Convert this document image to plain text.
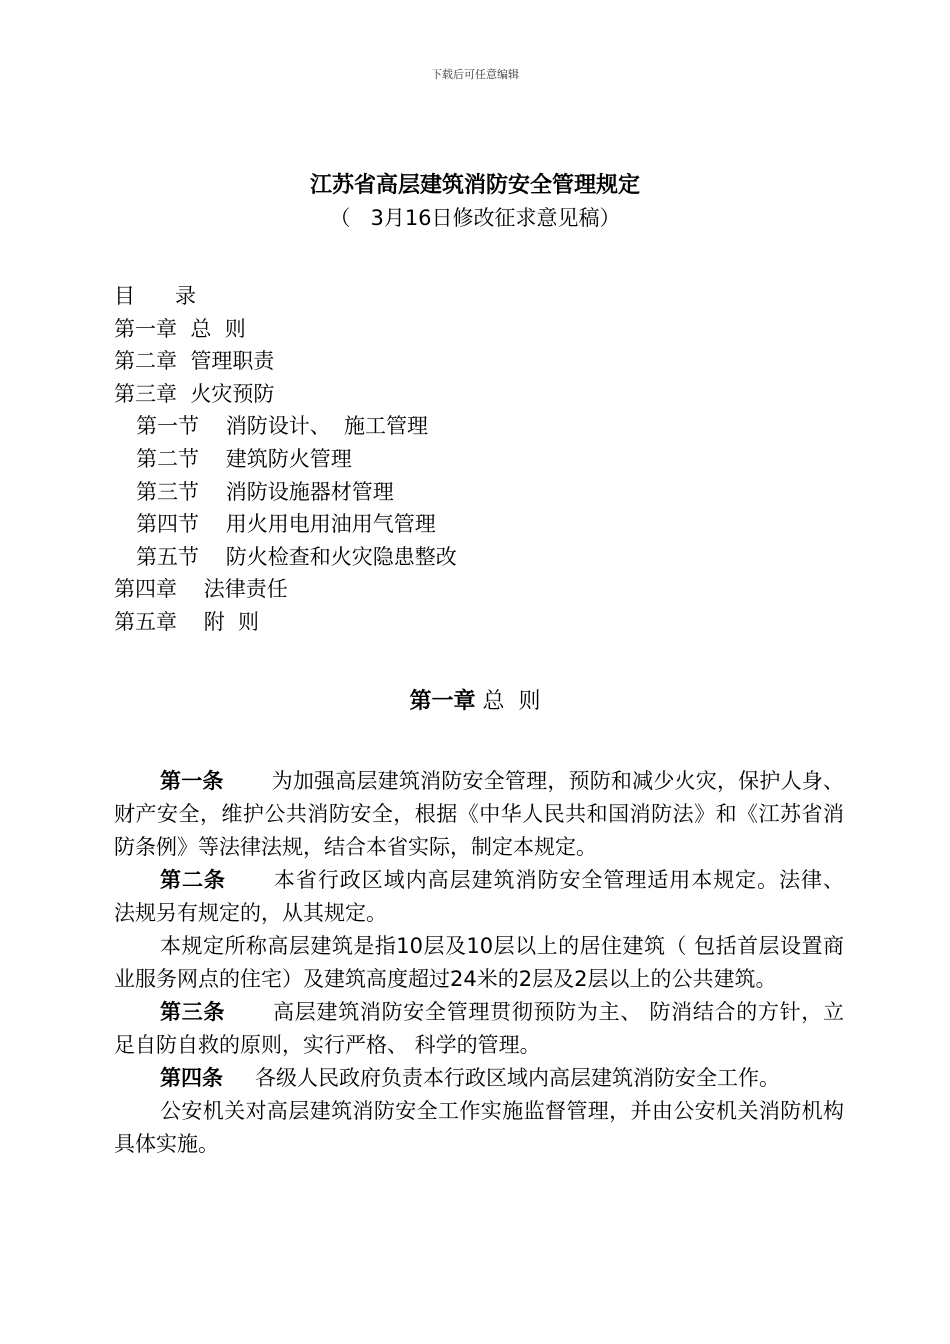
下载后可任意编辑
江苏省高层建筑消防安全管理规定
（   3月16日修改征求意见稿）
目      录
第一章  总  则
第二章  管理职责
第三章  火灾预防
第一节    消防设计、  施工管理
第二节    建筑防火管理
第三节    消防设施器材管理
第四节    用火用电用油用气管理
第五节    防火检查和火灾隐患整改
第四章    法律责任
第五章    附  则
第一章 总  则

第一条 为加强高层建筑消防安全管理，预防和减少火灾，保护人身、 财产安全，维护公共消防安全，根据《中华人民共和国消防法》和《江苏省消防条例》等法律法规，结合本省实际，制定本规定。

第二条 本省行政区域内高层建筑消防安全管理适用本规定。法律、 法规另有规定的，从其规定。

本规定所称高层建筑是指10层及10层以上的居住建筑（ 包括首层设置商业服务网点的住宅）及建筑高度超过24米的2层及2层以上的公共建筑。

第三条 高层建筑消防安全管理贯彻预防为主、 防消结合的方针，立足自防自救的原则，实行严格、 科学的管理。

第四条 各级人民政府负责本行政区域内高层建筑消防安全工作。

公安机关对高层建筑消防安全工作实施监督管理，并由公安机关消防机构具体实施。
